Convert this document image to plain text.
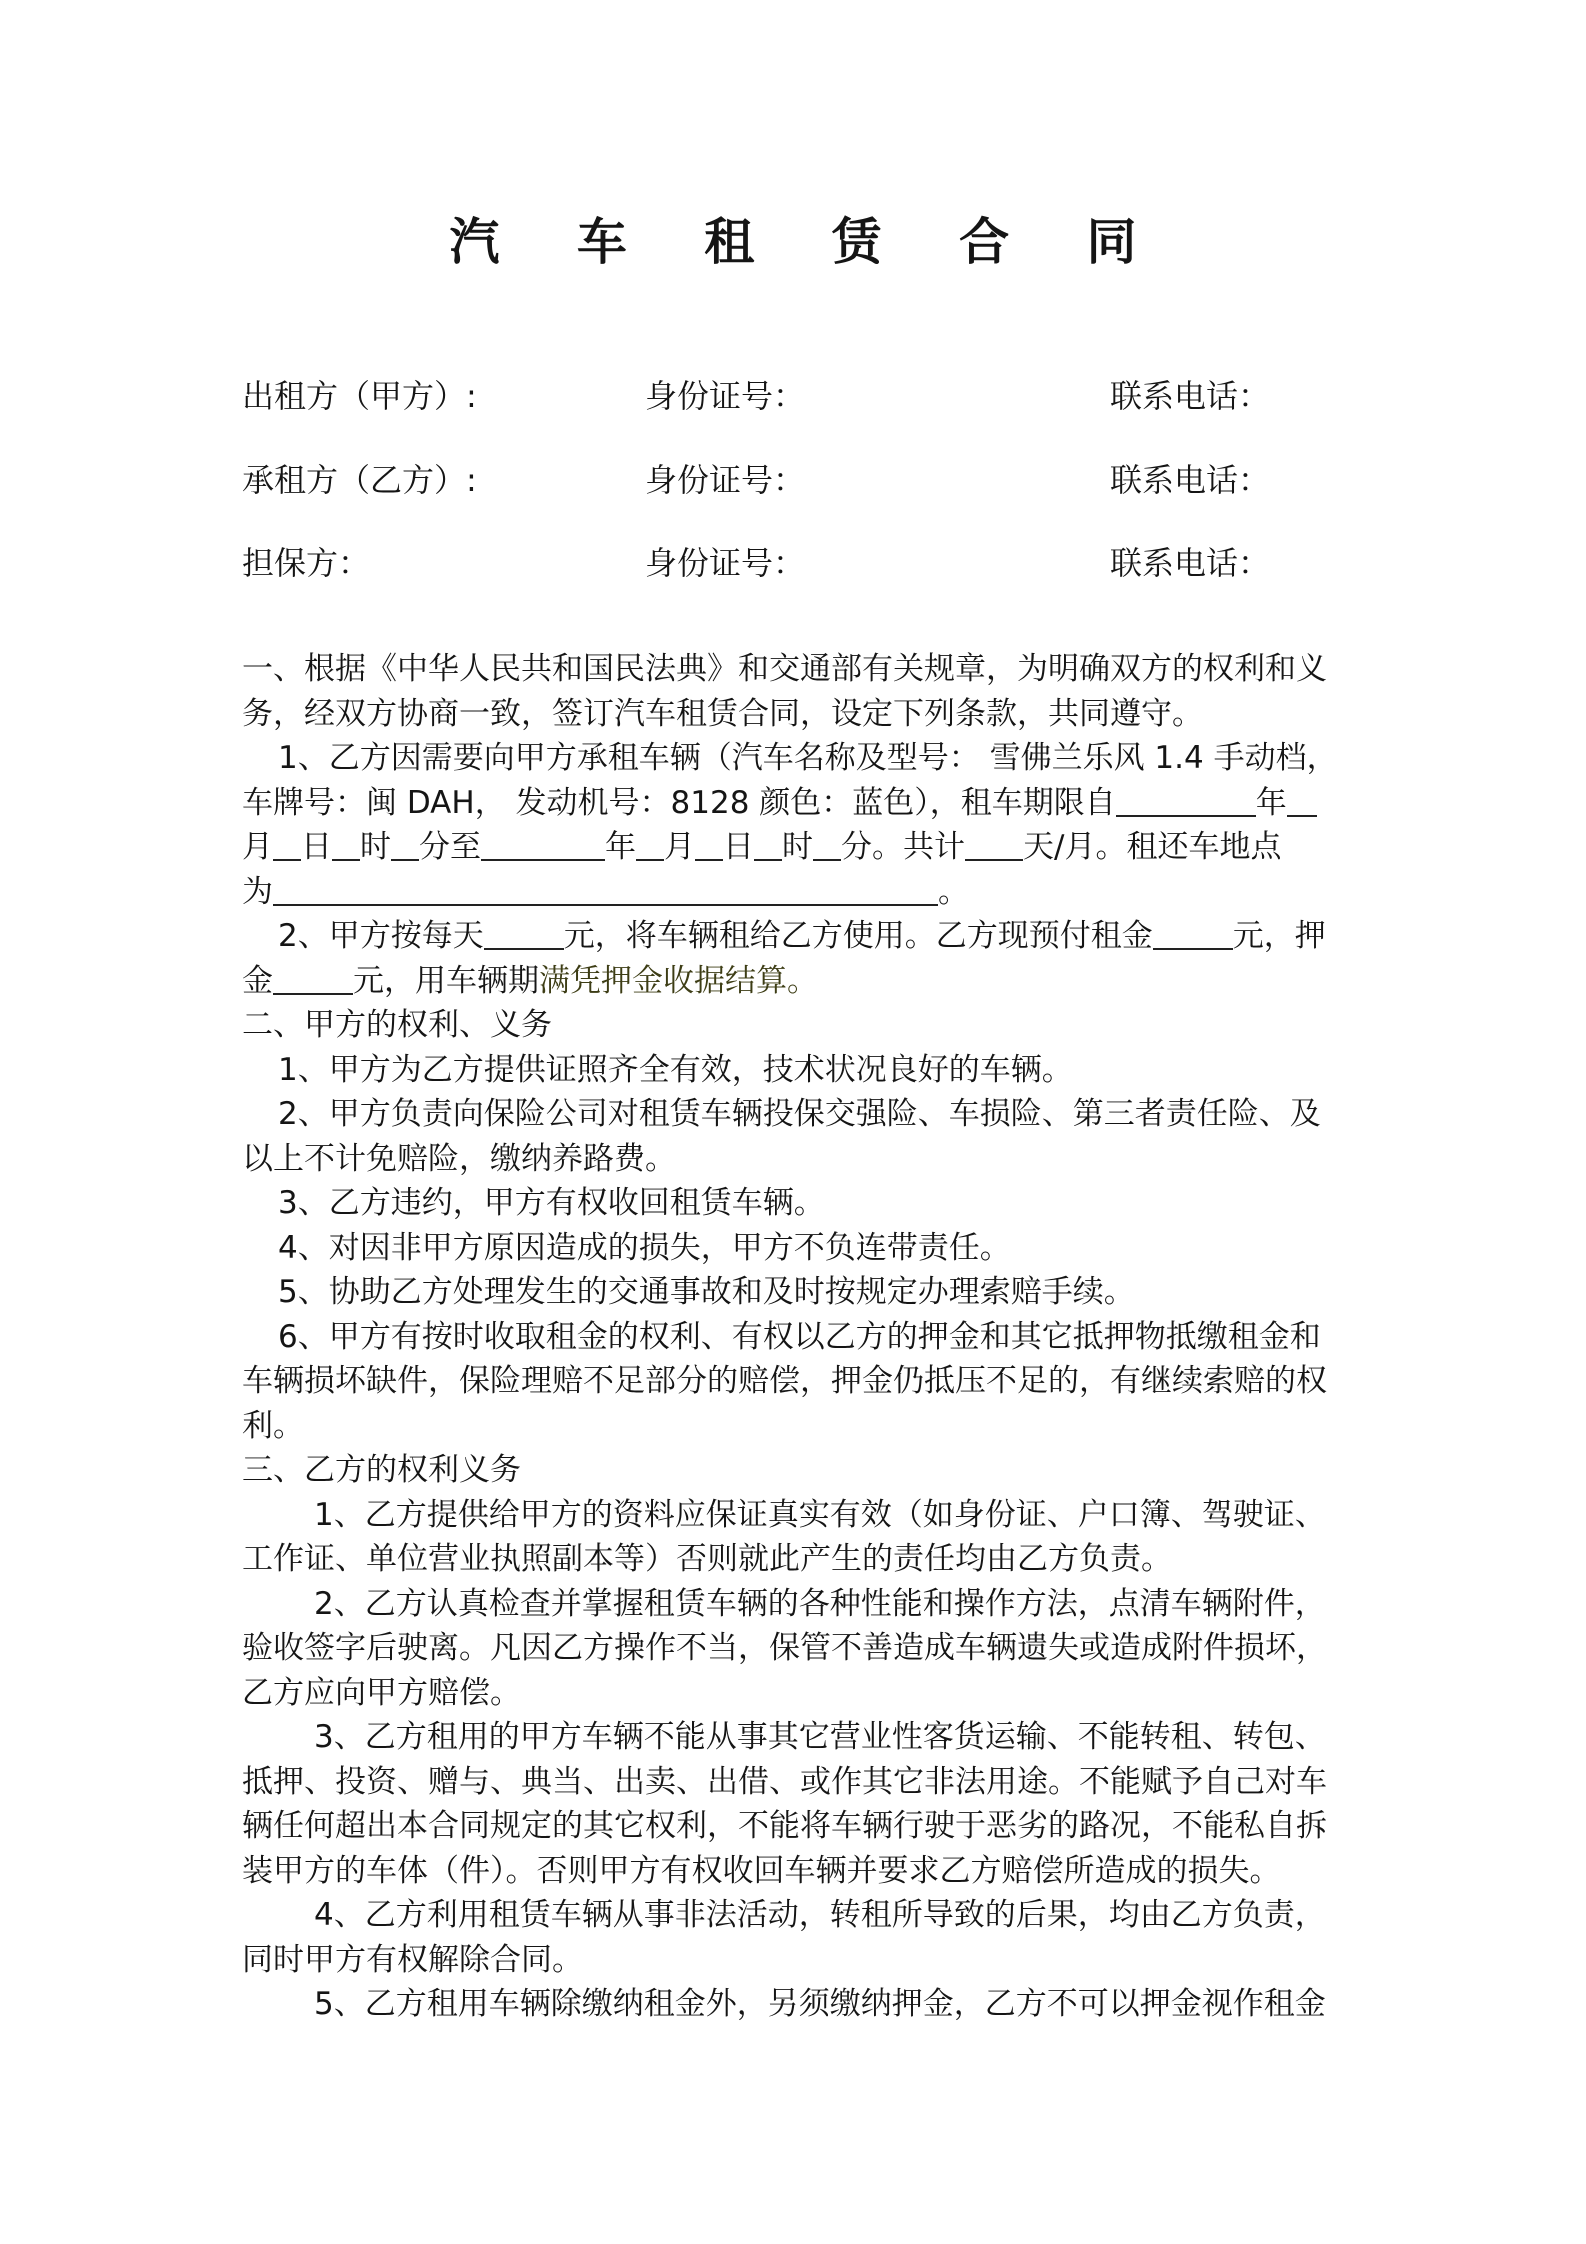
汽 车 租 赁 合 同
出租方（甲方）:	身份证号：	联系电话：
承租方（乙方）:	身份证号：	联系电话：
担保方：	身份证号：	联系电话：

一、根据《中华人民共和国民法典》和交通部有关规章，为明确双方的权利和义

务，经双方协商一致，签订汽车租赁合同，设定下列条款，共同遵守。

1、乙方因需要向甲方承租车辆（汽车名称及型号： 雪佛兰乐风 1.4 手动档，

车牌号：闽 DAH， 发动机号：8128 颜色：蓝色），租车期限自	年

月 日 时 分至	年 月 日 时 分。共计 天/月。租还车地点

为	。

2、甲方按每天	元，将车辆租给乙方使用。乙方现预付租金	元，押

金	元，用车辆期满凭押金收据结算。

二、甲方的权利、义务

1、甲方为乙方提供证照齐全有效，技术状况良好的车辆。

2、甲方负责向保险公司对租赁车辆投保交强险、车损险、第三者责任险、及

以上不计免赔险，缴纳养路费。

3、乙方违约，甲方有权收回租赁车辆。

4、对因非甲方原因造成的损失，甲方不负连带责任。

5、协助乙方处理发生的交通事故和及时按规定办理索赔手续。

6、甲方有按时收取租金的权利、有权以乙方的押金和其它抵押物抵缴租金和

车辆损坏缺件，保险理赔不足部分的赔偿，押金仍抵压不足的，有继续索赔的权

利。

三、乙方的权利义务

1、乙方提供给甲方的资料应保证真实有效（如身份证、户口簿、驾驶证、

工作证、单位营业执照副本等）否则就此产生的责任均由乙方负责。

2、乙方认真检查并掌握租赁车辆的各种性能和操作方法，点清车辆附件，

验收签字后驶离。凡因乙方操作不当，保管不善造成车辆遗失或造成附件损坏，

乙方应向甲方赔偿。

3、乙方租用的甲方车辆不能从事其它营业性客货运输、不能转租、转包、

抵押、投资、赠与、典当、出卖、出借、或作其它非法用途。不能赋予自己对车

辆任何超出本合同规定的其它权利，不能将车辆行驶于恶劣的路况，不能私自拆

装甲方的车体（件）。否则甲方有权收回车辆并要求乙方赔偿所造成的损失。

4、乙方利用租赁车辆从事非法活动，转租所导致的后果，均由乙方负责，

同时甲方有权解除合同。

5、乙方租用车辆除缴纳租金外，另须缴纳押金，乙方不可以押金视作租金
